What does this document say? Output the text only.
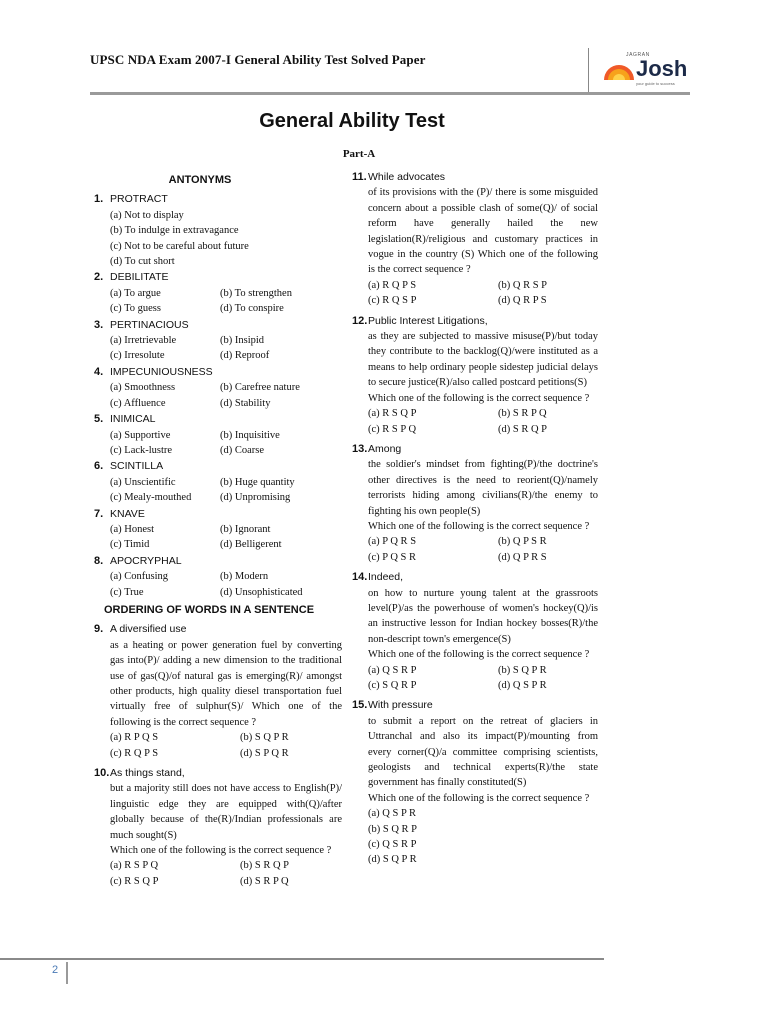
UPSC NDA Exam 2007-I General Ability Test Solved Paper	JAGRAN
Josh
your guide to success
General Ability Test
Part-A
ANTONYMS
1. PROTRACT
(a) Not to display
(b) To indulge in extravagance
(c) Not to be careful about future
(d) To cut short
2. DEBILITATE
(a) To argue	(b) To strengthen
(c) To guess	(d) To conspire
3. PERTINACIOUS
(a) Irretrievable	(b) Insipid
(c) Irresolute	(d) Reproof
4. IMPECUNIOUSNESS
(a) Smoothness	(b) Carefree nature
(c) Affluence	(d) Stability
5. INIMICAL
(a) Supportive	(b) Inquisitive
(c) Lack-lustre	(d) Coarse
6. SCINTILLA
(a) Unscientific	(b) Huge quantity
(c) Mealy-mouthed	(d) Unpromising
7. KNAVE
(a) Honest	(b) Ignorant
(c) Timid	(d) Belligerent
8. APOCRYPHAL
(a) Confusing	(b) Modern
(c) True	(d) Unsophisticated
ORDERING OF WORDS IN A SENTENCE
9. A diversified use
as a heating or power generation fuel by converting gas into(P)/ adding a new dimension to the traditional use of gas(Q)/of natural gas is emerging(R)/ amongst other products, high quality diesel transportation fuel virtually free of sulphur(S)/ Which one of the following is the correct sequence ?
(a) R P Q S	(b) S Q P R
(c) R Q P S	(d) S P Q R
10. As things stand,
but a majority still does not have access to English(P)/ linguistic edge they are equipped with(Q)/after globally because of the(R)/Indian professionals are much sought(S)
Which one of the following is the correct sequence ?
(a) R S P Q	(b) S R Q P
(c) R S Q P	(d) S R P Q
11. While advocates
of its provisions with the (P)/ there is some misguided concern about a possible clash of some(Q)/ of social reform have generally hailed the new legislation(R)/religious and customary practices in vogue in the country (S) Which one of the following is the correct sequence ?
(a) R Q P S	(b) Q R S P
(c) R Q S P	(d) Q R P S
12. Public Interest Litigations,
as they are subjected to massive misuse(P)/but today they contribute to the backlog(Q)/were instituted as a means to help ordinary people sidestep judicial delays to secure justice(R)/also called postcard petitions(S)
Which one of the following is the correct sequence ?
(a) R S Q P	(b) S R P Q
(c) R S P Q	(d) S R Q P
13. Among
the soldier's mindset from fighting(P)/the doctrine's other directives is the need to reorient(Q)/namely terrorists hiding among civilians(R)/the enemy to fighting his own people(S)
Which one of the following is the correct sequence ?
(a) P Q R S	(b) Q P S R
(c) P Q S R	(d) Q P R S
14. Indeed,
on how to nurture young talent at the grassroots level(P)/as the powerhouse of women's hockey(Q)/is an instructive lesson for Indian hockey bosses(R)/the non-descript town's emergence(S)
Which one of the following is the correct sequence ?
(a) Q S R P	(b) S Q P R
(c) S Q R P	(d) Q S P R
15. With pressure
to submit a report on the retreat of glaciers in Uttranchal and also its impact(P)/mounting from every corner(Q)/a committee comprising scientists, geologists and technical experts(R)/the state government has finally constituted(S)
Which one of the following is the correct sequence ?
(a) Q S P R
(b) S Q R P
(c) Q S R P
(d) S Q P R
2
